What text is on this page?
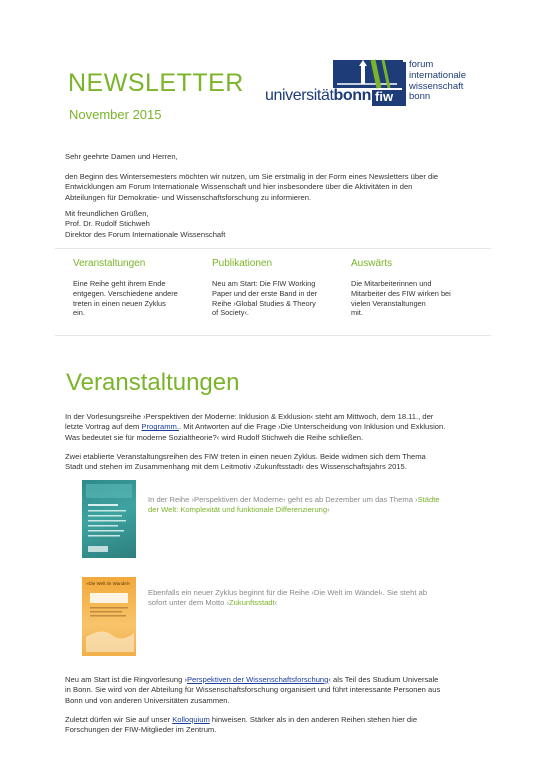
NEWSLETTER
November 2015
universitätbonn fiw
forum
internationale
wissenschaft
bonn
Sehr geehrte Damen und Herren,
den Beginn des Wintersemesters möchten wir nutzen, um Sie erstmalig in der Form eines Newsletters über die
Entwicklungen am Forum Internationale Wissenschaft und hier insbesondere über die Aktivitäten in den
Abteilungen für Demokratie- und Wissenschaftsforschung zu informieren.
Mit freundlichen Grüßen,
Prof. Dr. Rudolf Stichweh
Direktor des Forum Internationale Wissenschaft
Veranstaltungen
Eine Reihe geht ihrem Ende
entgegen. Verschiedene andere
treten in einen neuen Zyklus
ein.
Publikationen
Neu am Start: Die FIW Working
Paper und der erste Band in der
Reihe ›Global Studies & Theory
of Society‹.
Auswärts
Die Mitarbeiterinnen und
Mitarbeiter des FIW wirken bei
vielen Veranstaltungen
mit.
Veranstaltungen
In der Vorlesungsreihe ›Perspektiven der Moderne: Inklusion & Exklusion‹ steht am Mittwoch, dem 18.11., der
letzte Vortrag auf dem Programm.. Mit Antworten auf die Frage ›Die Unterscheidung von Inklusion und Exklusion.
Was bedeutet sie für moderne Sozialtheorie?‹ wird Rudolf Stichweh die Reihe schließen.
Zwei etablierte Veranstaltungsreihen des FIW treten in einen neuen Zyklus. Beide widmen sich dem Thema
Stadt und stehen im Zusammenhang mit dem Leitmotiv ›Zukunftsstadt‹ des Wissenschaftsjahrs 2015.
In der Reihe ›Perspektiven der Moderne‹ geht es ab Dezember um das Thema ›Städte
der Welt: Komplexität und funktionale Differenzierung‹
»Die Welt im Wandel«
Ebenfalls ein neuer Zyklus beginnt für die Reihe ›Die Welt im Wandel‹. Sie steht ab
sofort unter dem Motto ›Zukunftsstadt‹
Neu am Start ist die Ringvorlesung ›Perspektiven der Wissenschaftsforschung‹ als Teil des Studium Universale
in Bonn. Sie wird von der Abteilung für Wissenschaftsforschung organisiert und führt interessante Personen aus
Bonn und von anderen Universitäten zusammen.
Zuletzt dürfen wir Sie auf unser Kolloquium hinweisen. Stärker als in den anderen Reihen stehen hier die
Forschungen der FIW-Mitglieder im Zentrum.
